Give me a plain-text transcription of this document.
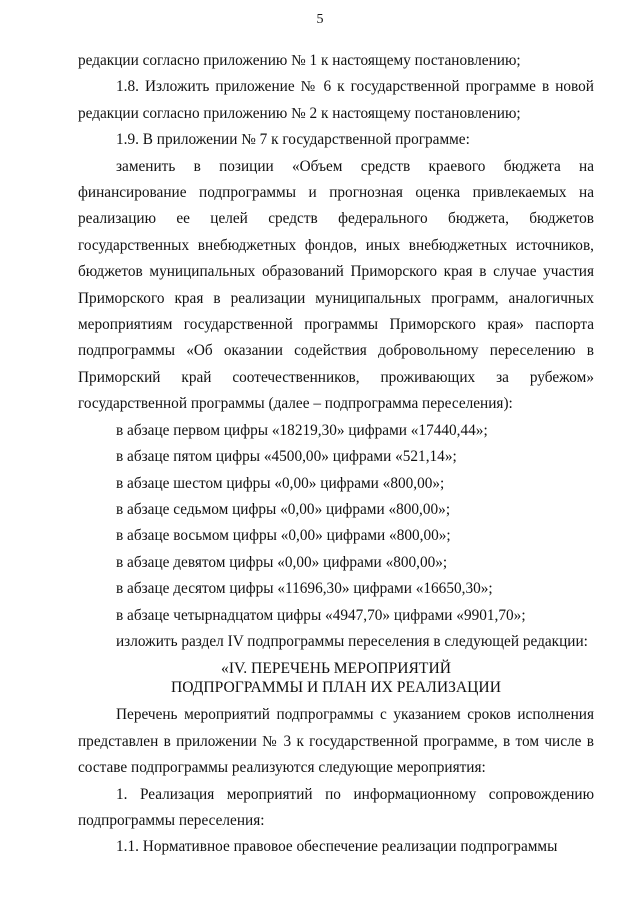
5

редакции согласно приложению № 1 к настоящему постановлению;

1.8. Изложить приложение № 6 к государственной программе в новой редакции согласно приложению № 2 к настоящему постановлению;

1.9. В приложении № 7 к государственной программе:

заменить в позиции «Объем средств краевого бюджета на финансирование подпрограммы и прогнозная оценка привлекаемых на реализацию ее целей средств федерального бюджета, бюджетов государственных внебюджетных фондов, иных внебюджетных источников, бюджетов муниципальных образований Приморского края в случае участия Приморского края в реализации муниципальных программ, аналогичных мероприятиям государственной программы Приморского края» паспорта подпрограммы «Об оказании содействия добровольному переселению в Приморский край соотечественников, проживающих за рубежом» государственной программы (далее – подпрограмма переселения):

в абзаце первом цифры «18219,30» цифрами «17440,44»;

в абзаце пятом цифры «4500,00» цифрами «521,14»;

в абзаце шестом цифры «0,00» цифрами «800,00»;

в абзаце седьмом цифры «0,00» цифрами «800,00»;

в абзаце восьмом цифры «0,00» цифрами «800,00»;

в абзаце девятом цифры «0,00» цифрами «800,00»;

в абзаце десятом цифры «11696,30» цифрами «16650,30»;

в абзаце четырнадцатом цифры «4947,70» цифрами «9901,70»;

изложить раздел IV подпрограммы переселения в следующей редакции:

«IV. ПЕРЕЧЕНЬ МЕРОПРИЯТИЙ
ПОДПРОГРАММЫ И ПЛАН ИХ РЕАЛИЗАЦИИ

Перечень мероприятий подпрограммы с указанием сроков исполнения представлен в приложении № 3 к государственной программе, в том числе в составе подпрограммы реализуются следующие мероприятия:

1. Реализация мероприятий по информационному сопровождению подпрограммы переселения:

1.1. Нормативное правовое обеспечение реализации подпрограммы
